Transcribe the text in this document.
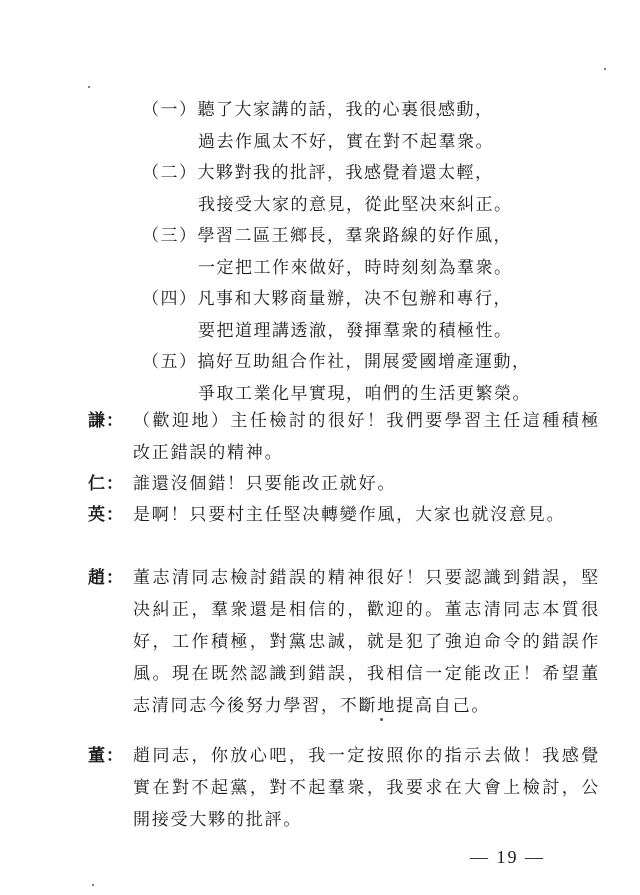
（一）聽了大家講的話，我的心裏很感動，
過去作風太不好，實在對不起羣衆。
（二）大夥對我的批評，我感覺着還太輕，
我接受大家的意見，從此堅决來糾正。
（三）學習二區王鄉長，羣衆路線的好作風，
一定把工作來做好，時時刻刻為羣衆。
（四）凡事和大夥商量辦，决不包辦和專行，
要把道理講透澈，發揮羣衆的積極性。
（五）搞好互助組合作社，開展愛國增產運動，
爭取工業化早實現，咱們的生活更繁榮。
謙： （歡迎地）主任檢討的很好！我們要學習主任這種積極改正錯誤的精神。
仁： 誰還沒個錯！只要能改正就好。
英： 是啊！只要村主任堅决轉變作風，大家也就沒意見。
趙： 董志清同志檢討錯誤的精神很好！只要認識到錯誤，堅决糾正，羣衆還是相信的，歡迎的。董志清同志本質很好，工作積極，對黨忠誠，就是犯了強迫命令的錯誤作風。現在既然認識到錯誤，我相信一定能改正！希望董志清同志今後努力學習，不斷地提高自己。
董： 趙同志，你放心吧，我一定按照你的指示去做！我感覺實在對不起黨，對不起羣衆，我要求在大會上檢討，公開接受大夥的批評。
— 19 —
